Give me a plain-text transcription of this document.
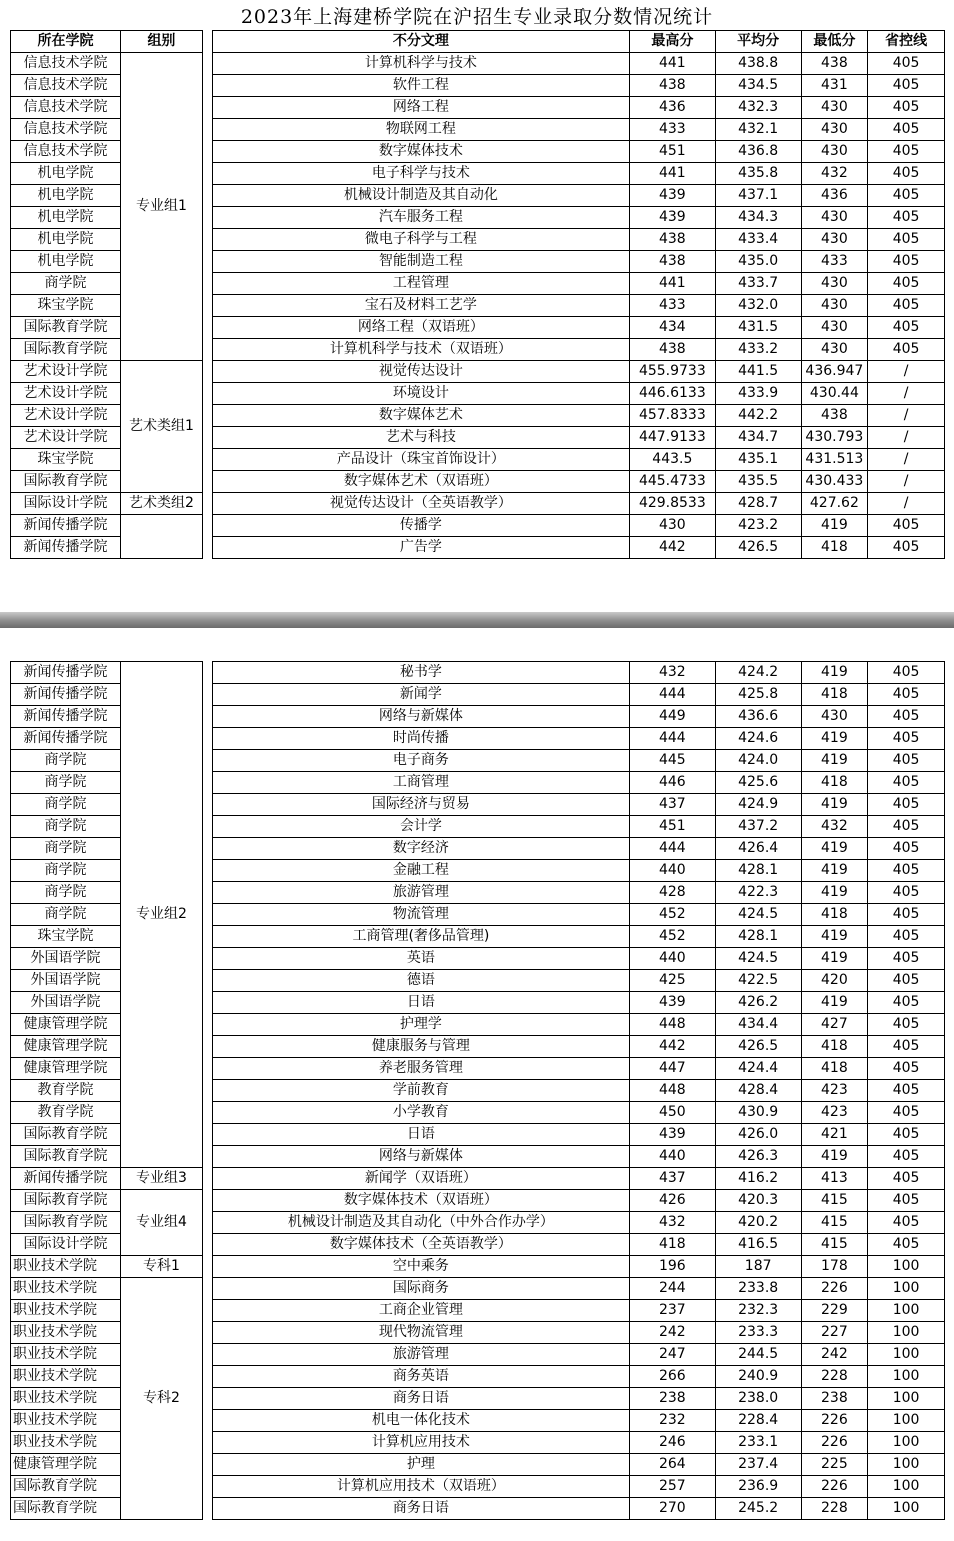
2023年上海建桥学院在沪招生专业录取分数情况统计
所在学院	组别		不分文理	最高分	平均分	最低分	省控线
信息技术学院	专业组1		计算机科学与技术	441	438.8	438	405
信息技术学院			软件工程	438	434.5	431	405
信息技术学院			网络工程	436	432.3	430	405
信息技术学院			物联网工程	433	432.1	430	405
信息技术学院			数字媒体技术	451	436.8	430	405
机电学院			电子科学与技术	441	435.8	432	405
机电学院			机械设计制造及其自动化	439	437.1	436	405
机电学院			汽车服务工程	439	434.3	430	405
机电学院			微电子科学与工程	438	433.4	430	405
机电学院			智能制造工程	438	435.0	433	405
商学院			工程管理	441	433.7	430	405
珠宝学院			宝石及材料工艺学	433	432.0	430	405
国际教育学院			网络工程（双语班）	434	431.5	430	405
国际教育学院			计算机科学与技术（双语班）	438	433.2	430	405
艺术设计学院	艺术类组1		视觉传达设计	455.9733	441.5	436.947	/
艺术设计学院			环境设计	446.6133	433.9	430.44	/
艺术设计学院			数字媒体艺术	457.8333	442.2	438	/
艺术设计学院			艺术与科技	447.9133	434.7	430.793	/
珠宝学院			产品设计（珠宝首饰设计）	443.5	435.1	431.513	/
国际教育学院			数字媒体艺术（双语班）	445.4733	435.5	430.433	/
国际设计学院	艺术类组2		视觉传达设计（全英语教学）	429.8533	428.7	427.62	/
新闻传播学院			传播学	430	423.2	419	405
新闻传播学院			广告学	442	426.5	418	405
新闻传播学院	专业组2		秘书学	432	424.2	419	405
新闻传播学院			新闻学	444	425.8	418	405
新闻传播学院			网络与新媒体	449	436.6	430	405
新闻传播学院			时尚传播	444	424.6	419	405
商学院			电子商务	445	424.0	419	405
商学院			工商管理	446	425.6	418	405
商学院			国际经济与贸易	437	424.9	419	405
商学院			会计学	451	437.2	432	405
商学院			数字经济	444	426.4	419	405
商学院			金融工程	440	428.1	419	405
商学院			旅游管理	428	422.3	419	405
商学院			物流管理	452	424.5	418	405
珠宝学院			工商管理(奢侈品管理)	452	428.1	419	405
外国语学院			英语	440	424.5	419	405
外国语学院			德语	425	422.5	420	405
外国语学院			日语	439	426.2	419	405
健康管理学院			护理学	448	434.4	427	405
健康管理学院			健康服务与管理	442	426.5	418	405
健康管理学院			养老服务管理	447	424.4	418	405
教育学院			学前教育	448	428.4	423	405
教育学院			小学教育	450	430.9	423	405
国际教育学院			日语	439	426.0	421	405
国际教育学院			网络与新媒体	440	426.3	419	405
新闻传播学院	专业组3		新闻学（双语班）	437	416.2	413	405
国际教育学院	专业组4		数字媒体技术（双语班）	426	420.3	415	405
国际教育学院			机械设计制造及其自动化（中外合作办学）	432	420.2	415	405
国际设计学院			数字媒体技术（全英语教学）	418	416.5	415	405
职业技术学院	专科1		空中乘务	196	187	178	100
职业技术学院	专科2		国际商务	244	233.8	226	100
职业技术学院			工商企业管理	237	232.3	229	100
职业技术学院			现代物流管理	242	233.3	227	100
职业技术学院			旅游管理	247	244.5	242	100
职业技术学院			商务英语	266	240.9	228	100
职业技术学院			商务日语	238	238.0	238	100
职业技术学院			机电一体化技术	232	228.4	226	100
职业技术学院			计算机应用技术	246	233.1	226	100
健康管理学院			护理	264	237.4	225	100
国际教育学院			计算机应用技术（双语班）	257	236.9	226	100
国际教育学院			商务日语	270	245.2	228	100
